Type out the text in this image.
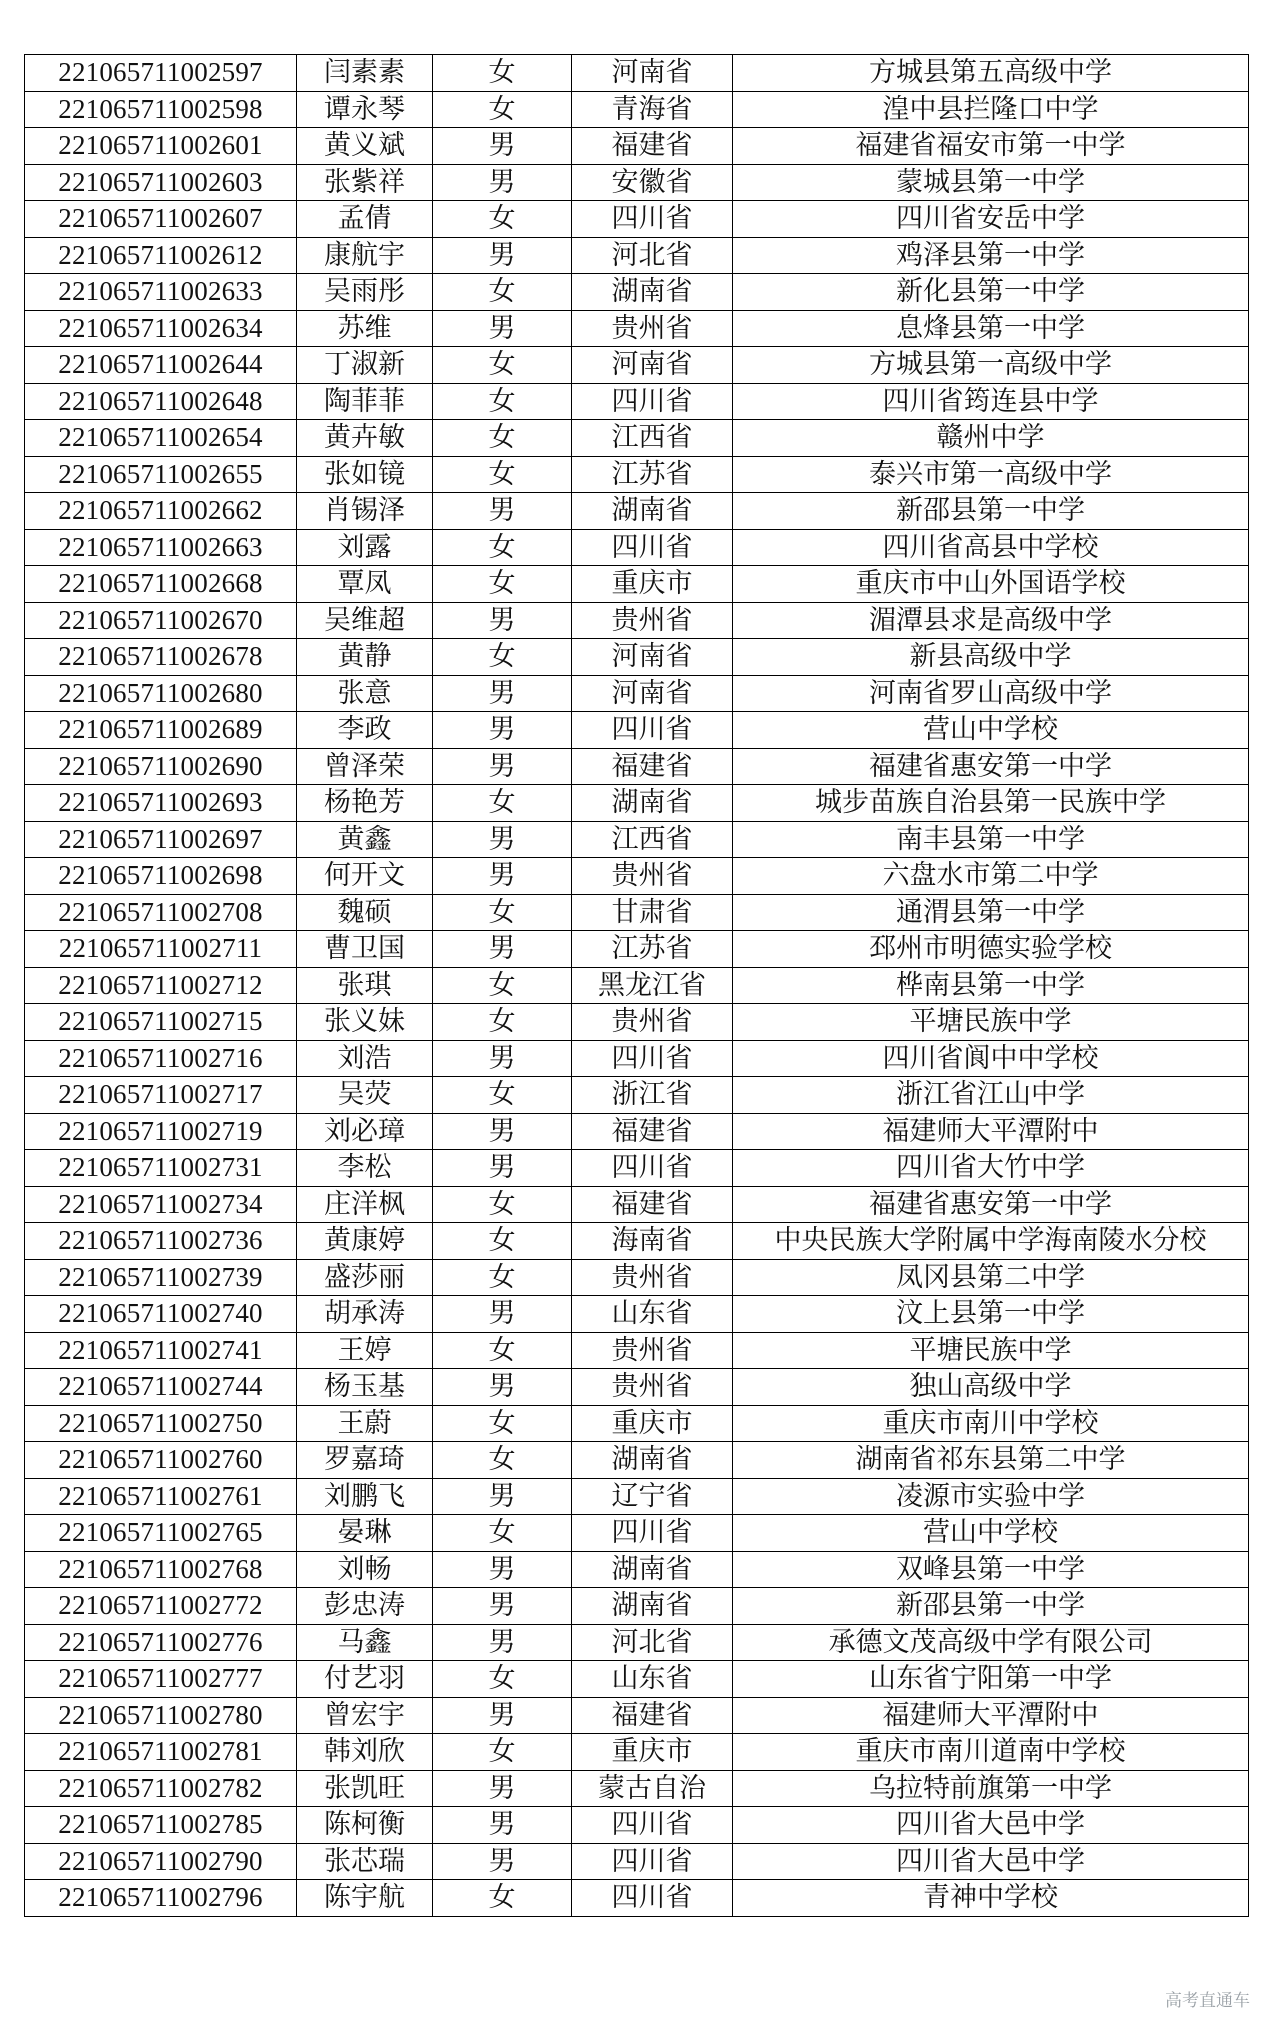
221065711002597	闫素素	女	河南省	方城县第五高级中学
221065711002598	谭永琴	女	青海省	湟中县拦隆口中学
221065711002601	黄义斌	男	福建省	福建省福安市第一中学
221065711002603	张紫祥	男	安徽省	蒙城县第一中学
221065711002607	孟倩	女	四川省	四川省安岳中学
221065711002612	康航宇	男	河北省	鸡泽县第一中学
221065711002633	吴雨彤	女	湖南省	新化县第一中学
221065711002634	苏维	男	贵州省	息烽县第一中学
221065711002644	丁淑新	女	河南省	方城县第一高级中学
221065711002648	陶菲菲	女	四川省	四川省筠连县中学
221065711002654	黄卉敏	女	江西省	赣州中学
221065711002655	张如镜	女	江苏省	泰兴市第一高级中学
221065711002662	肖锡泽	男	湖南省	新邵县第一中学
221065711002663	刘露	女	四川省	四川省高县中学校
221065711002668	覃凤	女	重庆市	重庆市中山外国语学校
221065711002670	吴维超	男	贵州省	湄潭县求是高级中学
221065711002678	黄静	女	河南省	新县高级中学
221065711002680	张意	男	河南省	河南省罗山高级中学
221065711002689	李政	男	四川省	营山中学校
221065711002690	曾泽荣	男	福建省	福建省惠安第一中学
221065711002693	杨艳芳	女	湖南省	城步苗族自治县第一民族中学
221065711002697	黄鑫	男	江西省	南丰县第一中学
221065711002698	何开文	男	贵州省	六盘水市第二中学
221065711002708	魏硕	女	甘肃省	通渭县第一中学
221065711002711	曹卫国	男	江苏省	邳州市明德实验学校
221065711002712	张琪	女	黑龙江省	桦南县第一中学
221065711002715	张义妹	女	贵州省	平塘民族中学
221065711002716	刘浩	男	四川省	四川省阆中中学校
221065711002717	吴荧	女	浙江省	浙江省江山中学
221065711002719	刘必璋	男	福建省	福建师大平潭附中
221065711002731	李松	男	四川省	四川省大竹中学
221065711002734	庄洋枫	女	福建省	福建省惠安第一中学
221065711002736	黄康婷	女	海南省	中央民族大学附属中学海南陵水分校
221065711002739	盛莎丽	女	贵州省	凤冈县第二中学
221065711002740	胡承涛	男	山东省	汶上县第一中学
221065711002741	王婷	女	贵州省	平塘民族中学
221065711002744	杨玉基	男	贵州省	独山高级中学
221065711002750	王蔚	女	重庆市	重庆市南川中学校
221065711002760	罗嘉琦	女	湖南省	湖南省祁东县第二中学
221065711002761	刘鹏飞	男	辽宁省	凌源市实验中学
221065711002765	晏琳	女	四川省	营山中学校
221065711002768	刘畅	男	湖南省	双峰县第一中学
221065711002772	彭忠涛	男	湖南省	新邵县第一中学
221065711002776	马鑫	男	河北省	承德文茂高级中学有限公司
221065711002777	付艺羽	女	山东省	山东省宁阳第一中学
221065711002780	曾宏宇	男	福建省	福建师大平潭附中
221065711002781	韩刘欣	女	重庆市	重庆市南川道南中学校
221065711002782	张凯旺	男	蒙古自治	乌拉特前旗第一中学
221065711002785	陈柯衡	男	四川省	四川省大邑中学
221065711002790	张芯瑞	男	四川省	四川省大邑中学
221065711002796	陈宇航	女	四川省	青神中学校
高考直通车
